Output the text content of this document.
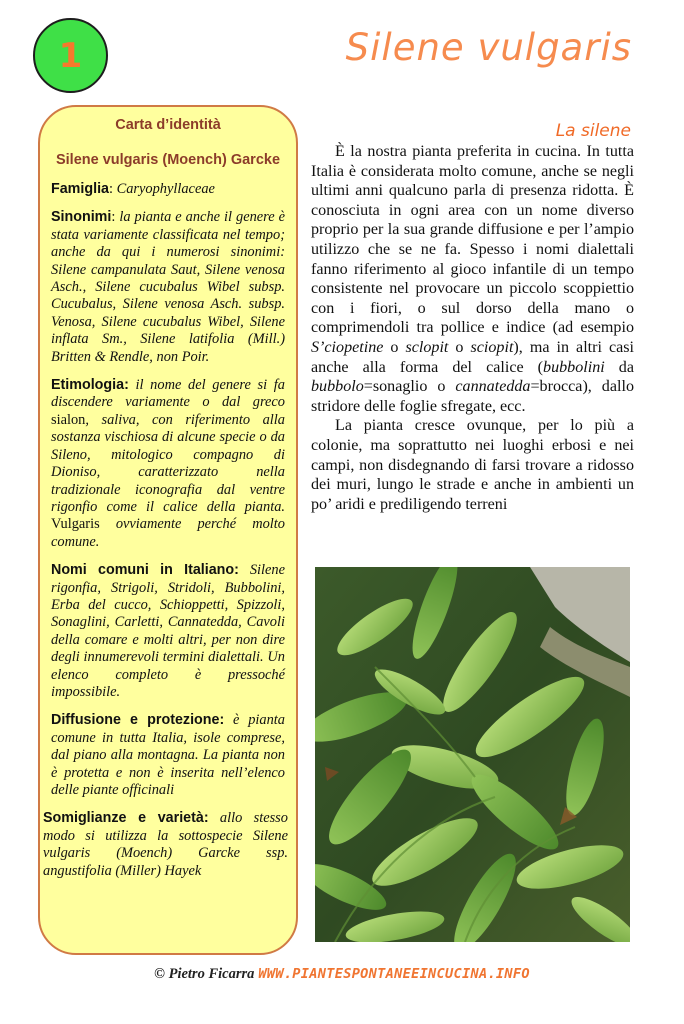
1	Silene vulgaris

Carta d’identità

Silene vulgaris (Moench) Garcke

Famiglia: Caryophyllaceae

Sinonimi: la pianta e anche il genere è stata variamente classificata nel tempo; anche da qui i numerosi sinonimi: Silene campanulata Saut, Silene venosa Asch., Silene cucubalus Wibel subsp. Cucubalus, Silene venosa Asch. subsp. Venosa, Silene cucubalus Wibel, Silene inflata Sm., Silene latifolia (Mill.) Britten & Rendle, non Poir.

Etimologia: il nome del genere si fa discendere variamente o dal greco sialon, saliva, con riferimento alla sostanza vischiosa di alcune specie o da Sileno, mitologico compagno di Dioniso, caratterizzato nella tradizionale iconografia dal ventre rigonfio come il calice della pianta. Vulgaris ovviamente perché molto comune.

Nomi comuni in Italiano: Silene rigonfia, Strigoli, Stridoli, Bubbolini, Erba del cucco, Schioppetti, Spizzoli, Sonaglini, Carletti, Cannatedda, Cavoli della comare e molti altri, per non dire degli innumerevoli termini dialettali. Un elenco completo è pressoché impossibile.

Diffusione e protezione: è pianta comune in tutta Italia, isole comprese, dal piano alla montagna. La pianta non è protetta e non è inserita nell’elenco delle piante officinali

Somiglianze e varietà: allo stesso modo si utilizza la sottospecie Silene vulgaris (Moench) Garcke ssp. angustifolia (Miller) Hayek

La silene

È la nostra pianta preferita in cucina. In tutta Italia è considerata molto comune, anche se negli ultimi anni qualcuno parla di presenza ridotta. È conosciuta in ogni area con un nome diverso proprio per la sua grande diffusione e per l’ampio utilizzo che se ne fa. Spesso i nomi dialettali fanno riferimento al gioco infantile di un tempo consistente nel provocare un piccolo scoppiettio con i fiori, o sul dorso della mano o comprimendoli tra pollice e indice (ad esempio S’ciopetine o sclopit o sciopit), ma in altri casi anche alla forma del calice (bubbolini da bubbolo=sonaglio o cannatedda=brocca), dallo stridore delle foglie sfregate, ecc.

La pianta cresce ovunque, per lo più a colonie, ma soprattutto nei luoghi erbosi e nei campi, non disdegnando di farsi trovare a ridosso dei muri, lungo le strade e anche in ambienti un po’ aridi e prediligendo terreni

© Pietro Ficarra WWW.PIANTESPONTANEEINCUCINA.INFO
